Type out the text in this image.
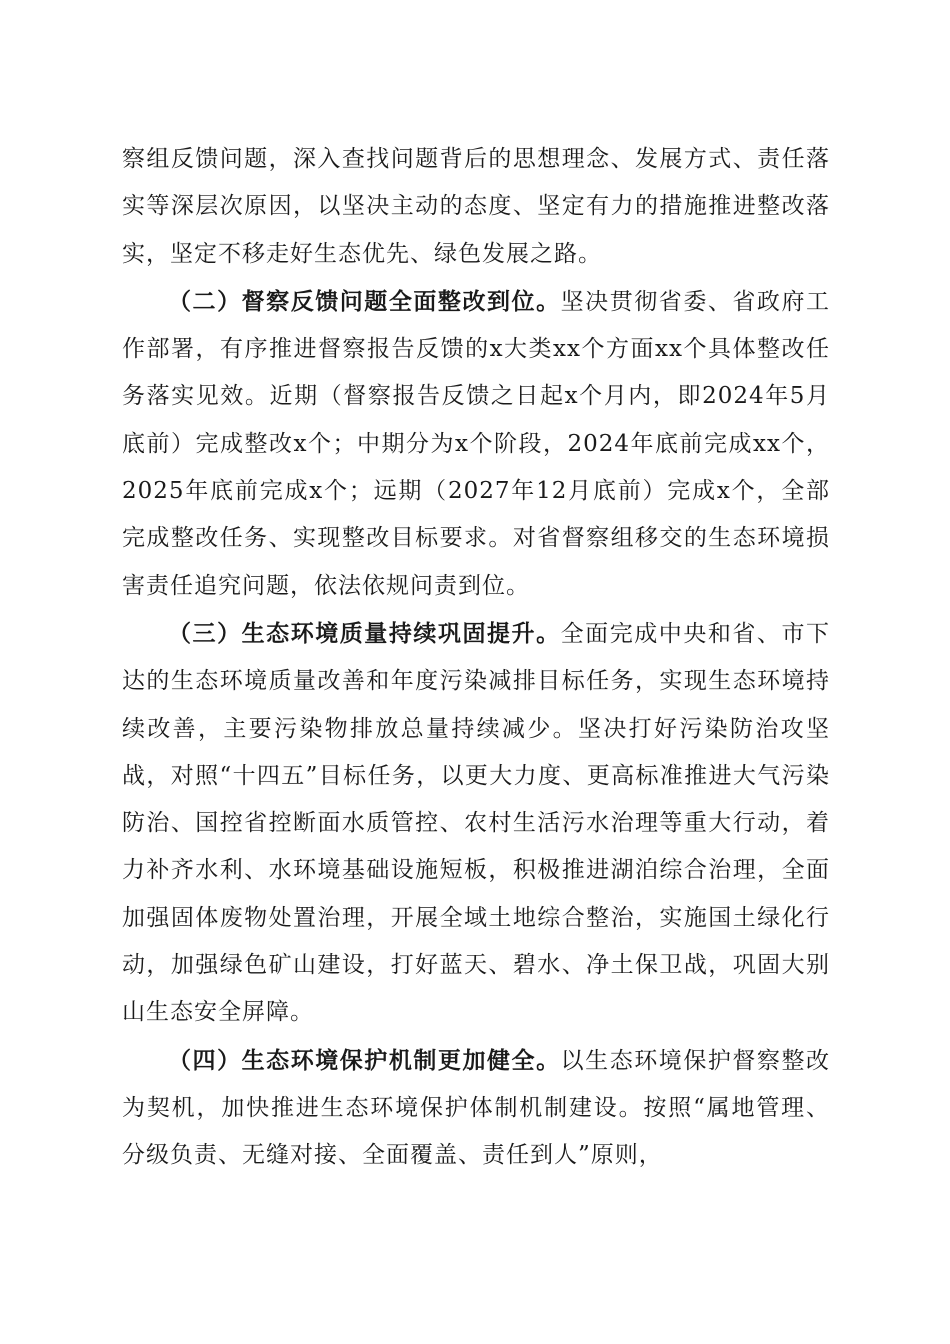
察组反馈问题，深入查找问题背后的思想理念、发展方式、责任落实等深层次原因，以坚决主动的态度、坚定有力的措施推进整改落实，坚定不移走好生态优先、绿色发展之路。

（二）督察反馈问题全面整改到位。坚决贯彻省委、省政府工作部署，有序推进督察报告反馈的x大类xx个方面xx个具体整改任务落实见效。近期（督察报告反馈之日起x个月内，即2024年5月底前）完成整改x个；中期分为x个阶段，2024年底前完成xx个，2025年底前完成x个；远期（2027年12月底前）完成x个，全部完成整改任务、实现整改目标要求。对省督察组移交的生态环境损害责任追究问题，依法依规问责到位。

（三）生态环境质量持续巩固提升。全面完成中央和省、市下达的生态环境质量改善和年度污染减排目标任务，实现生态环境持续改善，主要污染物排放总量持续减少。坚决打好污染防治攻坚战，对照“十四五”目标任务，以更大力度、更高标准推进大气污染防治、国控省控断面水质管控、农村生活污水治理等重大行动，着力补齐水利、水环境基础设施短板，积极推进湖泊综合治理，全面加强固体废物处置治理，开展全域土地综合整治，实施国土绿化行动，加强绿色矿山建设，打好蓝天、碧水、净土保卫战，巩固大别山生态安全屏障。

（四）生态环境保护机制更加健全。以生态环境保护督察整改为契机，加快推进生态环境保护体制机制建设。按照“属地管理、分级负责、无缝对接、全面覆盖、责任到人”原则，
